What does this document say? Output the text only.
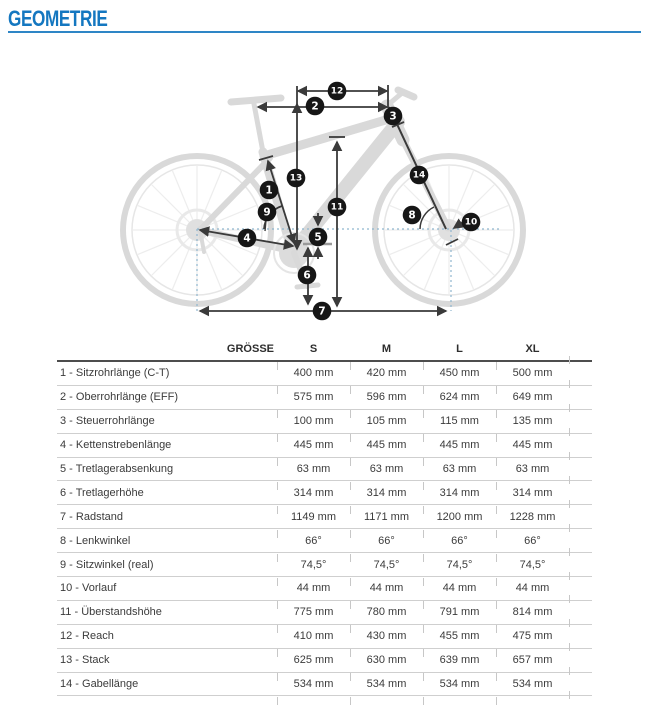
GEOMETRIE
1
2
3
4	5
6
7
8
9
10
11
12
13	14
GRÖSSE	S	M	L	XL
1 - Sitzrohrlänge (C-T)	400 mm	420 mm	450 mm	500 mm
2 - Oberrohrlänge (EFF)	575 mm	596 mm	624 mm	649 mm
3 - Steuerrohrlänge	100 mm	105 mm	115 mm	135 mm
4 - Kettenstrebenlänge	445 mm	445 mm	445 mm	445 mm
5 - Tretlagerabsenkung	63 mm	63 mm	63 mm	63 mm
6 - Tretlagerhöhe	314 mm	314 mm	314 mm	314 mm
7 - Radstand	1149 mm	1171 mm	1200 mm	1228 mm
8 - Lenkwinkel	66°	66°	66°	66°
9 - Sitzwinkel (real)	74,5°	74,5°	74,5°	74,5°
10 - Vorlauf	44 mm	44 mm	44 mm	44 mm
11 - Überstandshöhe	775 mm	780 mm	791 mm	814 mm
12 - Reach	410 mm	430 mm	455 mm	475 mm
13 - Stack	625 mm	630 mm	639 mm	657 mm
14 - Gabellänge	534 mm	534 mm	534 mm	534 mm
